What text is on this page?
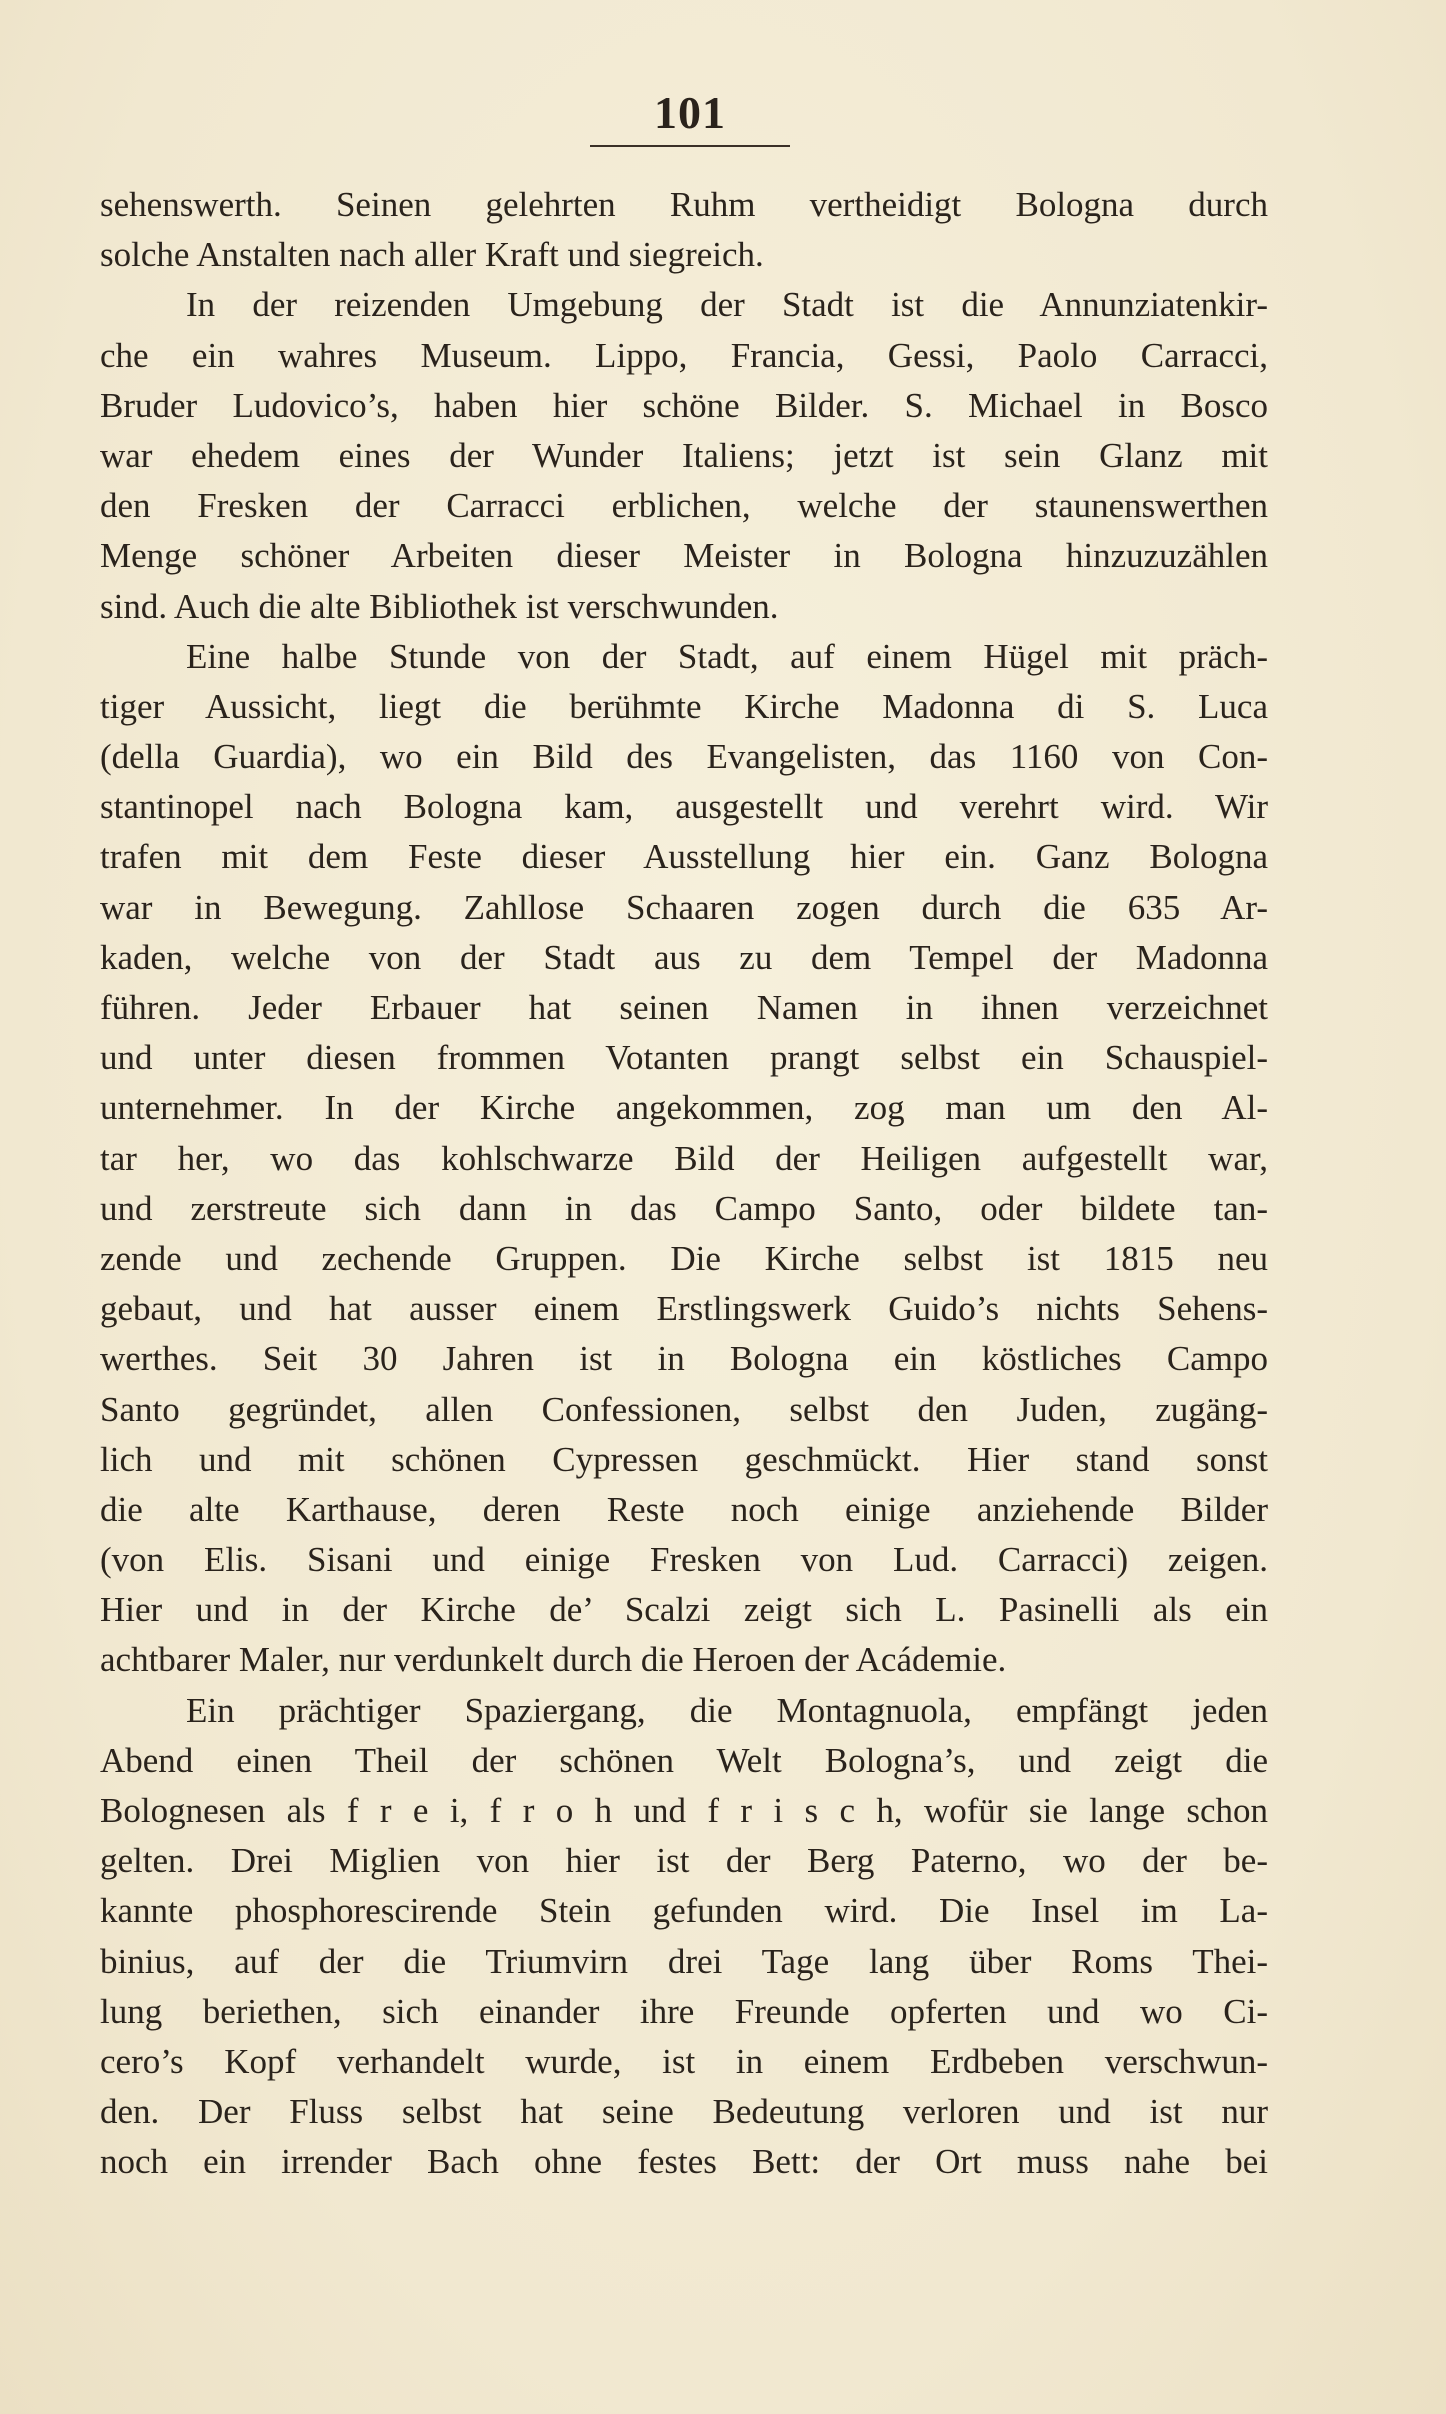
101
sehenswerth. Seinen gelehrten Ruhm vertheidigt Bologna durch
solche Anstalten nach aller Kraft und siegreich.
In der reizenden Umgebung der Stadt ist die Annunziatenkir-
che ein wahres Museum. Lippo, Francia, Gessi, Paolo Carracci,
Bruder Ludovico’s, haben hier schöne Bilder. S. Michael in Bosco
war ehedem eines der Wunder Italiens; jetzt ist sein Glanz mit
den Fresken der Carracci erblichen, welche der staunenswerthen
Menge schöner Arbeiten dieser Meister in Bologna hinzuzuzählen
sind. Auch die alte Bibliothek ist verschwunden.
Eine halbe Stunde von der Stadt, auf einem Hügel mit präch-
tiger Aussicht, liegt die berühmte Kirche Madonna di S. Luca
(della Guardia), wo ein Bild des Evangelisten, das 1160 von Con-
stantinopel nach Bologna kam, ausgestellt und verehrt wird. Wir
trafen mit dem Feste dieser Ausstellung hier ein. Ganz Bologna
war in Bewegung. Zahllose Schaaren zogen durch die 635 Ar-
kaden, welche von der Stadt aus zu dem Tempel der Madonna
führen. Jeder Erbauer hat seinen Namen in ihnen verzeichnet
und unter diesen frommen Votanten prangt selbst ein Schauspiel-
unternehmer. In der Kirche angekommen, zog man um den Al-
tar her, wo das kohlschwarze Bild der Heiligen aufgestellt war,
und zerstreute sich dann in das Campo Santo, oder bildete tan-
zende und zechende Gruppen. Die Kirche selbst ist 1815 neu
gebaut, und hat ausser einem Erstlingswerk Guido’s nichts Sehens-
werthes. Seit 30 Jahren ist in Bologna ein köstliches Campo
Santo gegründet, allen Confessionen, selbst den Juden, zugäng-
lich und mit schönen Cypressen geschmückt. Hier stand sonst
die alte Karthause, deren Reste noch einige anziehende Bilder
(von Elis. Sisani und einige Fresken von Lud. Carracci) zeigen.
Hier und in der Kirche de’ Scalzi zeigt sich L. Pasinelli als ein
achtbarer Maler, nur verdunkelt durch die Heroen der Acádemie.
Ein prächtiger Spaziergang, die Montagnuola, empfängt jeden
Abend einen Theil der schönen Welt Bologna’s, und zeigt die
Bolognesen als f r e i, f r o h und f r i s c h, wofür sie lange schon
gelten. Drei Miglien von hier ist der Berg Paterno, wo der be-
kannte phosphorescirende Stein gefunden wird. Die Insel im La-
binius, auf der die Triumvirn drei Tage lang über Roms Thei-
lung beriethen, sich einander ihre Freunde opferten und wo Ci-
cero’s Kopf verhandelt wurde, ist in einem Erdbeben verschwun-
den. Der Fluss selbst hat seine Bedeutung verloren und ist nur
noch ein irrender Bach ohne festes Bett: der Ort muss nahe bei
